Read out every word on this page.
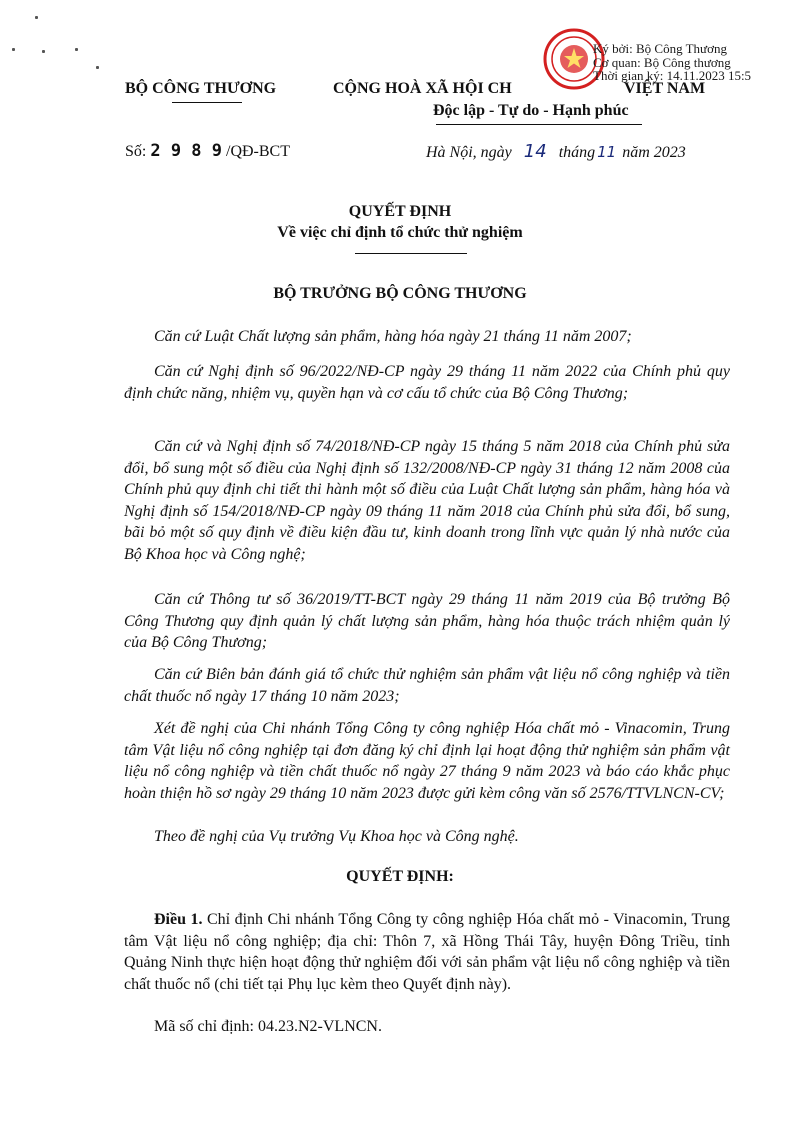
Ký bởi: Bộ Công Thương
Cơ quan: Bộ Công thương
Thời gian ký: 14.11.2023 15:5
BỘ CÔNG THƯƠNG	CỘNG HOÀ XÃ HỘI CH	VIỆT NAM
Độc lập - Tự do - Hạnh phúc
Số: 2 9 8 9 /QĐ-BCT	Hà Nội, ngày 14 tháng 11 năm 2023
QUYẾT ĐỊNH
Về việc chỉ định tổ chức thử nghiệm
BỘ TRƯỞNG BỘ CÔNG THƯƠNG
Căn cứ Luật Chất lượng sản phẩm, hàng hóa ngày 21 tháng 11 năm 2007;
Căn cứ Nghị định số 96/2022/NĐ-CP ngày 29 tháng 11 năm 2022 của Chính phủ quy định chức năng, nhiệm vụ, quyền hạn và cơ cấu tổ chức của Bộ Công Thương;
Căn cứ và Nghị định số 74/2018/NĐ-CP ngày 15 tháng 5 năm 2018 của Chính phủ sửa đổi, bổ sung một số điều của Nghị định số 132/2008/NĐ-CP ngày 31 tháng 12 năm 2008 của Chính phủ quy định chi tiết thi hành một số điều của Luật Chất lượng sản phẩm, hàng hóa và Nghị định số 154/2018/NĐ-CP ngày 09 tháng 11 năm 2018 của Chính phủ sửa đổi, bổ sung, bãi bỏ một số quy định về điều kiện đầu tư, kinh doanh trong lĩnh vực quản lý nhà nước của Bộ Khoa học và Công nghệ;
Căn cứ Thông tư số 36/2019/TT-BCT ngày 29 tháng 11 năm 2019 của Bộ trưởng Bộ Công Thương quy định quản lý chất lượng sản phẩm, hàng hóa thuộc trách nhiệm quản lý của Bộ Công Thương;
Căn cứ Biên bản đánh giá tổ chức thử nghiệm sản phẩm vật liệu nổ công nghiệp và tiền chất thuốc nổ ngày 17 tháng 10 năm 2023;
Xét đề nghị của Chi nhánh Tổng Công ty công nghiệp Hóa chất mỏ - Vinacomin, Trung tâm Vật liệu nổ công nghiệp tại đơn đăng ký chỉ định lại hoạt động thử nghiệm sản phẩm vật liệu nổ công nghiệp và tiền chất thuốc nổ ngày 27 tháng 9 năm 2023 và báo cáo khắc phục hoàn thiện hồ sơ ngày 29 tháng 10 năm 2023 được gửi kèm công văn số 2576/TTVLNCN-CV;
Theo đề nghị của Vụ trưởng Vụ Khoa học và Công nghệ.
QUYẾT ĐỊNH:
Điều 1. Chỉ định Chi nhánh Tổng Công ty công nghiệp Hóa chất mỏ - Vinacomin, Trung tâm Vật liệu nổ công nghiệp; địa chỉ: Thôn 7, xã Hồng Thái Tây, huyện Đông Triều, tỉnh Quảng Ninh thực hiện hoạt động thử nghiệm đối với sản phẩm vật liệu nổ công nghiệp và tiền chất thuốc nổ (chi tiết tại Phụ lục kèm theo Quyết định này).
Mã số chỉ định: 04.23.N2-VLNCN.
